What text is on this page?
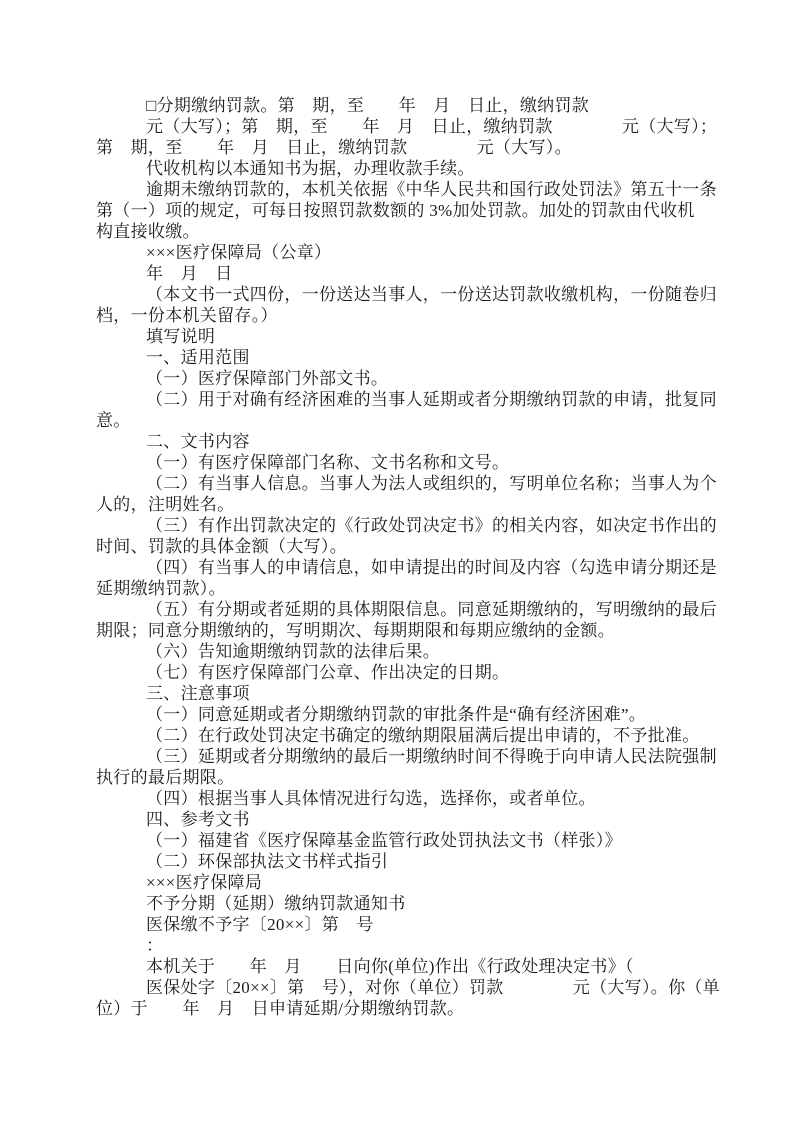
□分期缴纳罚款。第　期，至　　年　月　日止，缴纳罚款
元（大写）；第　期，至　　年　月　日止，缴纳罚款　　　　元（大写）；
第　期，至　　年　月　日止，缴纳罚款　　　　元（大写）。
代收机构以本通知书为据，办理收款手续。
逾期未缴纳罚款的，本机关依据《中华人民共和国行政处罚法》第五十一条
第（一）项的规定，可每日按照罚款数额的 3%加处罚款。加处的罚款由代收机
构直接收缴。
×××医疗保障局（公章）
年　月　日
（本文书一式四份，一份送达当事人，一份送达罚款收缴机构，一份随卷归
档，一份本机关留存。）
填写说明
一、适用范围
（一）医疗保障部门外部文书。
（二）用于对确有经济困难的当事人延期或者分期缴纳罚款的申请，批复同
意。
二、文书内容
（一）有医疗保障部门名称、文书名称和文号。
（二）有当事人信息。当事人为法人或组织的，写明单位名称；当事人为个
人的，注明姓名。
（三）有作出罚款决定的《行政处罚决定书》的相关内容，如决定书作出的
时间、罚款的具体金额（大写）。
（四）有当事人的申请信息，如申请提出的时间及内容（勾选申请分期还是
延期缴纳罚款）。
（五）有分期或者延期的具体期限信息。同意延期缴纳的，写明缴纳的最后
期限；同意分期缴纳的，写明期次、每期期限和每期应缴纳的金额。
（六）告知逾期缴纳罚款的法律后果。
（七）有医疗保障部门公章、作出决定的日期。
三、注意事项
（一）同意延期或者分期缴纳罚款的审批条件是“确有经济困难”。
（二）在行政处罚决定书确定的缴纳期限届满后提出申请的，不予批准。
（三）延期或者分期缴纳的最后一期缴纳时间不得晚于向申请人民法院强制
执行的最后期限。
（四）根据当事人具体情况进行勾选，选择你，或者单位。
四、参考文书
（一）福建省《医疗保障基金监管行政处罚执法文书（样张）》
（二）环保部执法文书样式指引
×××医疗保障局
不予分期（延期）缴纳罚款通知书
医保缴不予字〔20××〕第　号
：
本机关于　　年　月　　日向你(单位)作出《行政处理决定书》（
医保处字〔20××〕第　号），对你（单位）罚款　　　　元（大写）。你（单
位）于　　年　月　日申请延期/分期缴纳罚款。
